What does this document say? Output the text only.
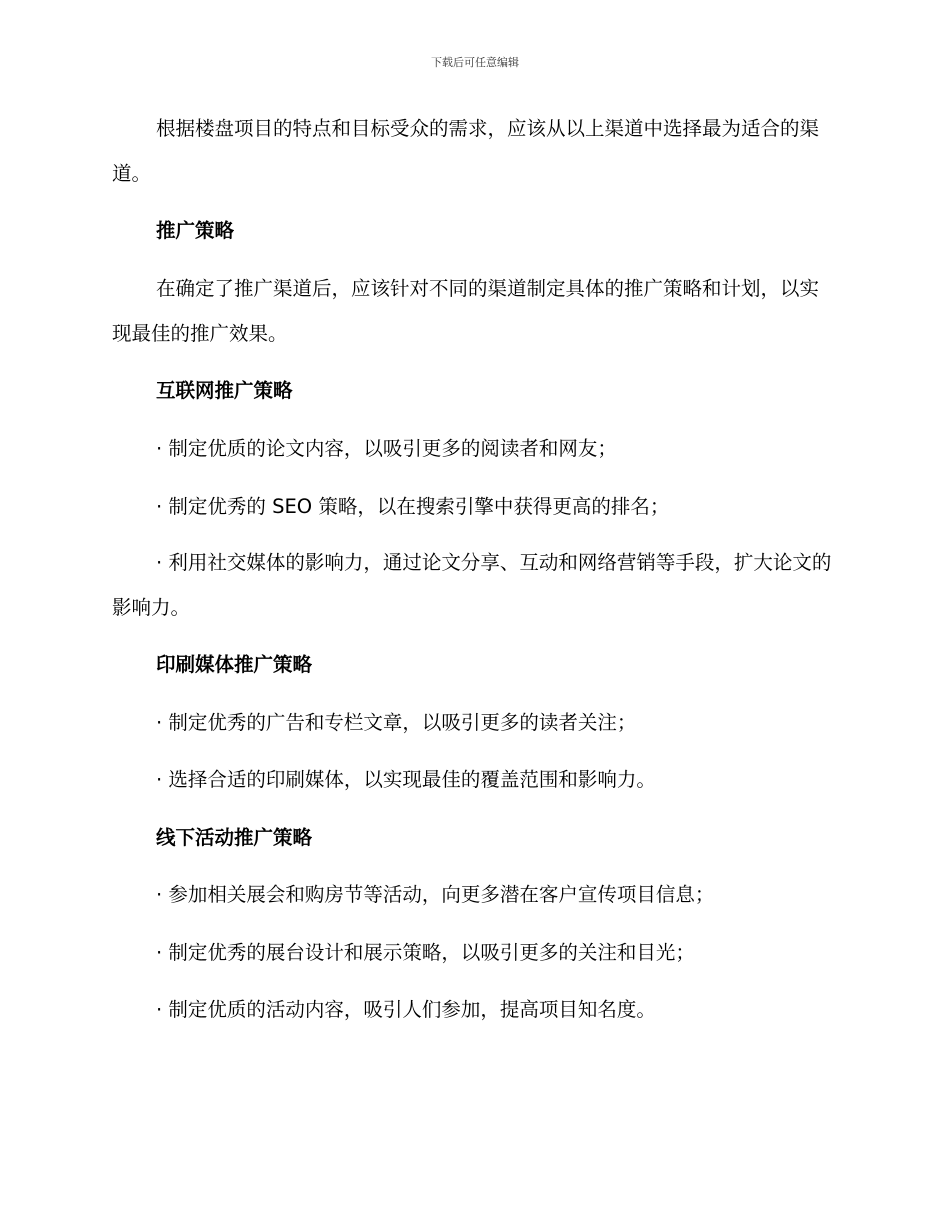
下载后可任意编辑

根据楼盘项目的特点和目标受众的需求，应该从以上渠道中选择最为适合的渠道。

推广策略

在确定了推广渠道后，应该针对不同的渠道制定具体的推广策略和计划，以实现最佳的推广效果。

互联网推广策略

· 制定优质的论文内容，以吸引更多的阅读者和网友；

· 制定优秀的 SEO 策略，以在搜索引擎中获得更高的排名；

· 利用社交媒体的影响力，通过论文分享、互动和网络营销等手段，扩大论文的影响力。

印刷媒体推广策略

· 制定优秀的广告和专栏文章，以吸引更多的读者关注；

· 选择合适的印刷媒体，以实现最佳的覆盖范围和影响力。

线下活动推广策略

· 参加相关展会和购房节等活动，向更多潜在客户宣传项目信息；

· 制定优秀的展台设计和展示策略，以吸引更多的关注和目光；

· 制定优质的活动内容，吸引人们参加，提高项目知名度。
